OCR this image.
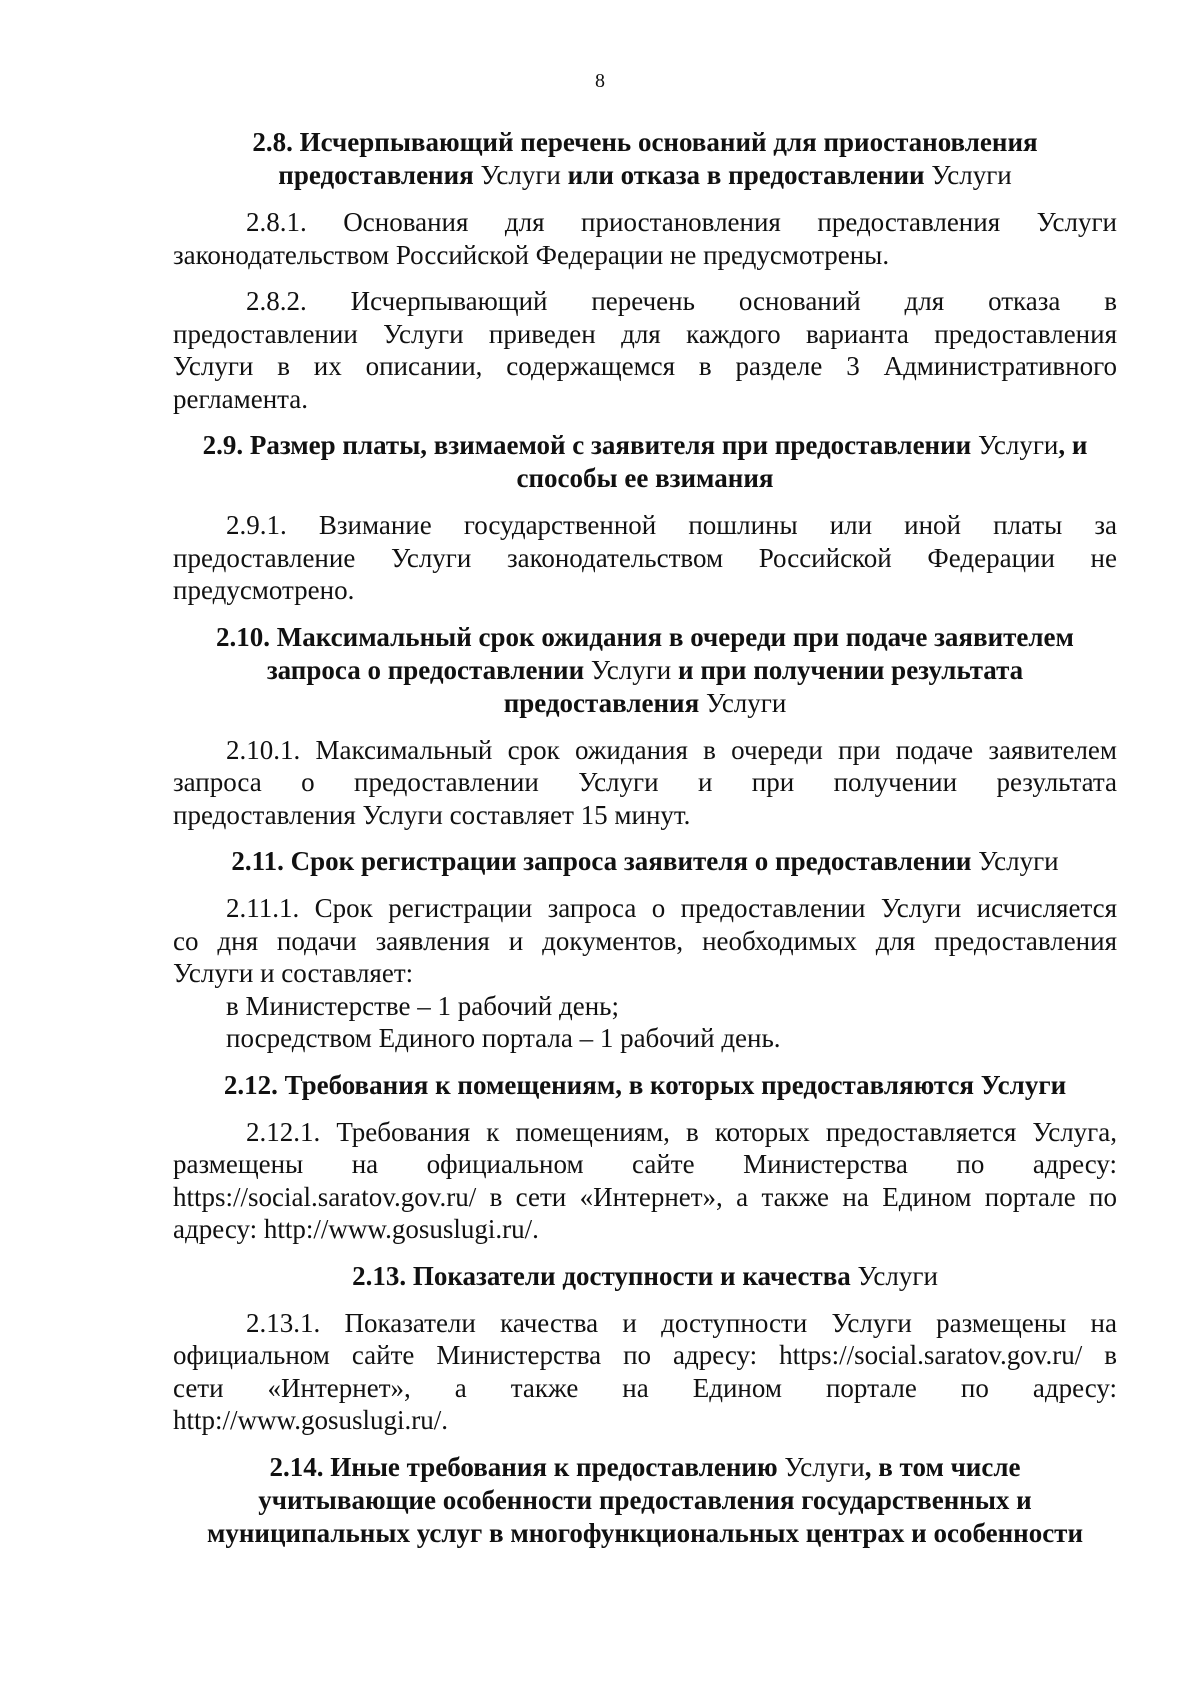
8
2.8. Исчерпывающий перечень оснований для приостановления
предоставления Услуги или отказа в предоставлении Услуги

2.8.1. Основания для приостановления предоставления Услуги
законодательством Российской Федерации не предусмотрены.

2.8.2. Исчерпывающий перечень оснований для отказа в
предоставлении Услуги приведен для каждого варианта предоставления
Услуги в их описании, содержащемся в разделе 3 Административного
регламента.

2.9. Размер платы, взимаемой с заявителя при предоставлении Услуги, и
способы ее взимания

2.9.1. Взимание государственной пошлины или иной платы за
предоставление Услуги законодательством Российской Федерации не
предусмотрено.

2.10. Максимальный срок ожидания в очереди при подаче заявителем
запроса о предоставлении Услуги и при получении результата
предоставления Услуги

2.10.1. Максимальный срок ожидания в очереди при подаче заявителем
запроса о предоставлении Услуги и при получении результата
предоставления Услуги составляет 15 минут.

2.11. Срок регистрации запроса заявителя о предоставлении Услуги

2.11.1. Срок регистрации запроса о предоставлении Услуги исчисляется
со дня подачи заявления и документов, необходимых для предоставления
Услуги и составляет:

в Министерстве – 1 рабочий день;
посредством Единого портала – 1 рабочий день.
2.12. Требования к помещениям, в которых предоставляются Услуги

2.12.1. Требования к помещениям, в которых предоставляется Услуга,
размещены на официальном сайте Министерства по адресу:
https://social.saratov.gov.ru/ в сети «Интернет», а также на Едином портале по
адресу: http://www.gosuslugi.ru/.

2.13. Показатели доступности и качества Услуги

2.13.1. Показатели качества и доступности Услуги размещены на
официальном сайте Министерства по адресу: https://social.saratov.gov.ru/ в
сети «Интернет», а также на Едином портале по адресу:
http://www.gosuslugi.ru/.

2.14. Иные требования к предоставлению Услуги, в том числе
учитывающие особенности предоставления государственных и
муниципальных услуг в многофункциональных центрах и особенности
